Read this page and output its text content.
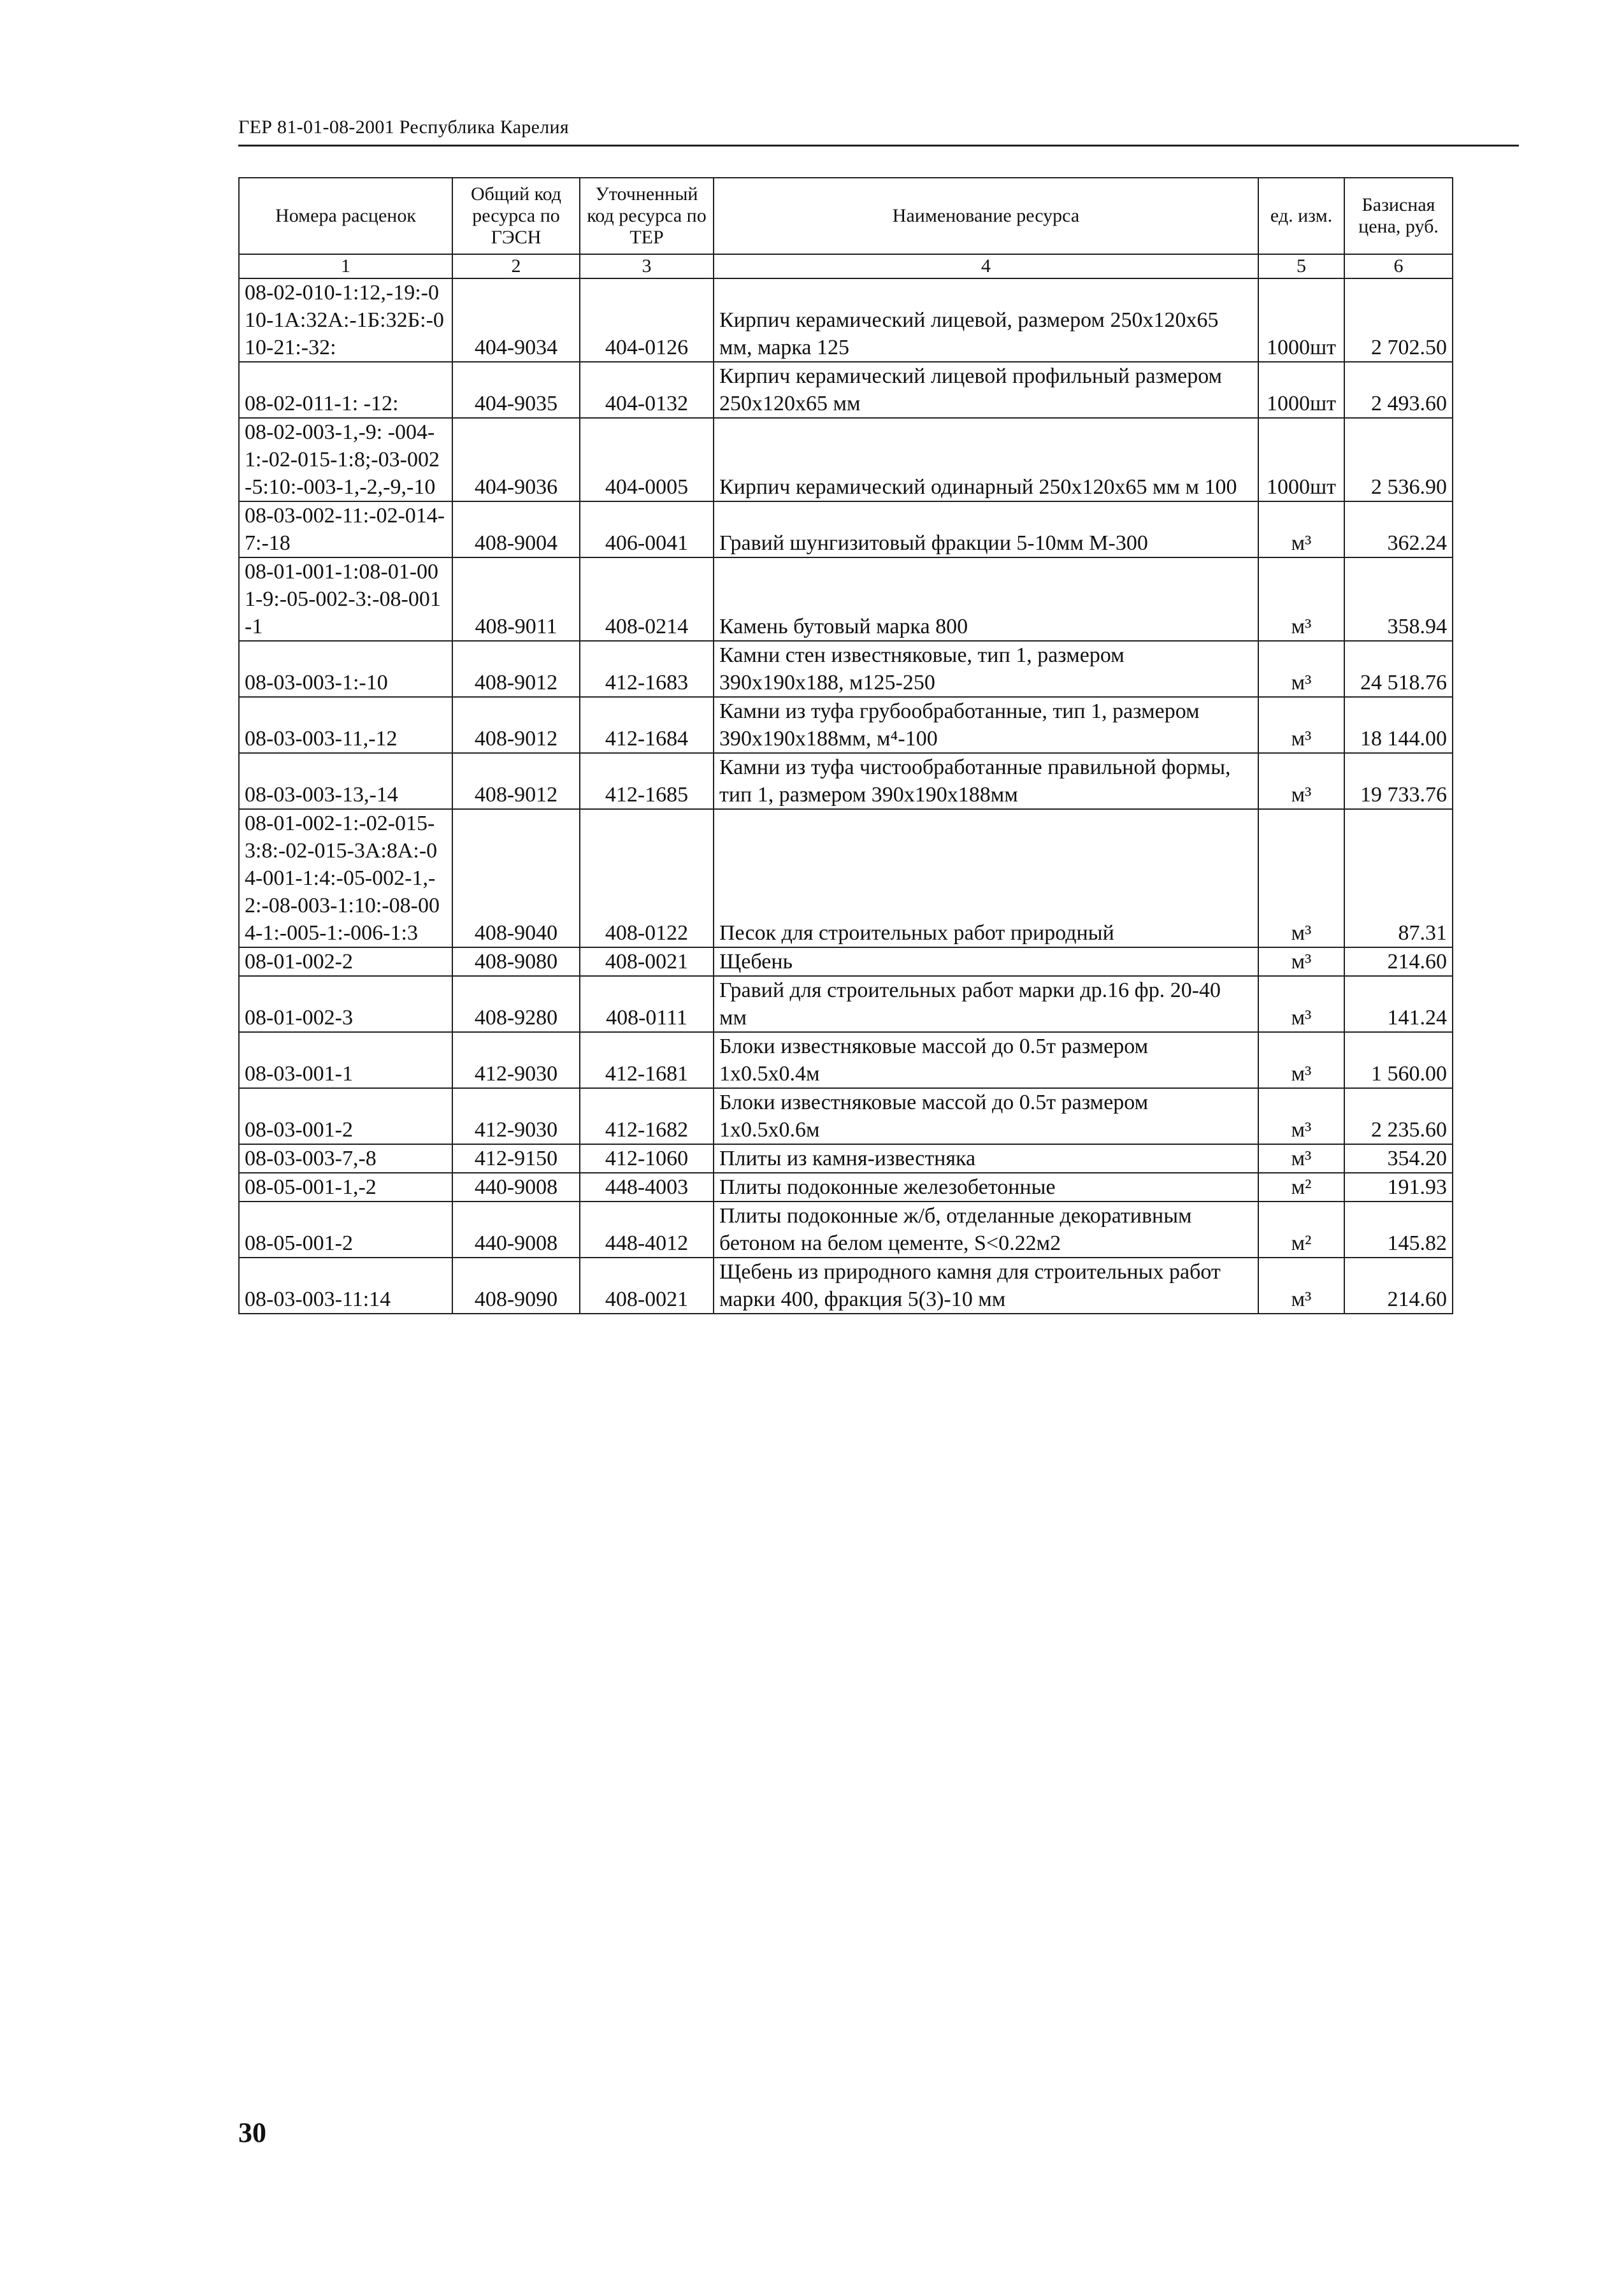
ГЕР 81-01-08-2001 Республика Карелия
Номера расценок	Общий код ресурса по ГЭСН	Уточненный код ресурса по ТЕР	Наименование ресурса	ед. изм.	Базисная цена, руб.
1	2	3	4	5	6
08-02-010-1:12,-19:-010-1А:32А:-1Б:32Б:-010-21:-32:	404-9034	404-0126	Кирпич керамический лицевой, размером 250х120х65 мм, марка 125	1000шт	2 702.50
08-02-011-1: -12:	404-9035	404-0132	Кирпич керамический лицевой профильный размером 250х120х65 мм	1000шт	2 493.60
08-02-003-1,-9: -004-1:-02-015-1:8;-03-002-5:10:-003-1,-2,-9,-10	404-9036	404-0005	Кирпич керамический одинарный 250х120х65 мм м 100	1000шт	2 536.90
08-03-002-11:-02-014-7:-18	408-9004	406-0041	Гравий шунгизитовый фракции 5-10мм М-300	м³	362.24
08-01-001-1:08-01-001-9:-05-002-3:-08-001-1	408-9011	408-0214	Камень бутовый марка 800	м³	358.94
08-03-003-1:-10	408-9012	412-1683	Камни стен известняковые, тип 1, размером 390х190х188, м125-250	м³	24 518.76
08-03-003-11,-12	408-9012	412-1684	Камни из туфа грубообработанные, тип 1, размером 390х190х188мм, м⁴-100	м³	18 144.00
08-03-003-13,-14	408-9012	412-1685	Камни из туфа чистообработанные правильной формы, тип 1, размером 390х190х188мм	м³	19 733.76
08-01-002-1:-02-015-3:8:-02-015-3А:8А:-04-001-1:4:-05-002-1,-2:-08-003-1:10:-08-004-1:-005-1:-006-1:3	408-9040	408-0122	Песок для строительных работ природный	м³	87.31
08-01-002-2	408-9080	408-0021	Щебень	м³	214.60
08-01-002-3	408-9280	408-0111	Гравий для строительных работ марки др.16 фр. 20-40 мм	м³	141.24
08-03-001-1	412-9030	412-1681	Блоки известняковые массой до 0.5т размером 1х0.5х0.4м	м³	1 560.00
08-03-001-2	412-9030	412-1682	Блоки известняковые массой до 0.5т размером 1х0.5х0.6м	м³	2 235.60
08-03-003-7,-8	412-9150	412-1060	Плиты из камня-известняка	м³	354.20
08-05-001-1,-2	440-9008	448-4003	Плиты подоконные железобетонные	м²	191.93
08-05-001-2	440-9008	448-4012	Плиты подоконные ж/б, отделанные декоративным бетоном на белом цементе, S<0.22м2	м²	145.82
08-03-003-11:14	408-9090	408-0021	Щебень из природного камня для строительных работ марки 400, фракция 5(3)-10 мм	м³	214.60
30
